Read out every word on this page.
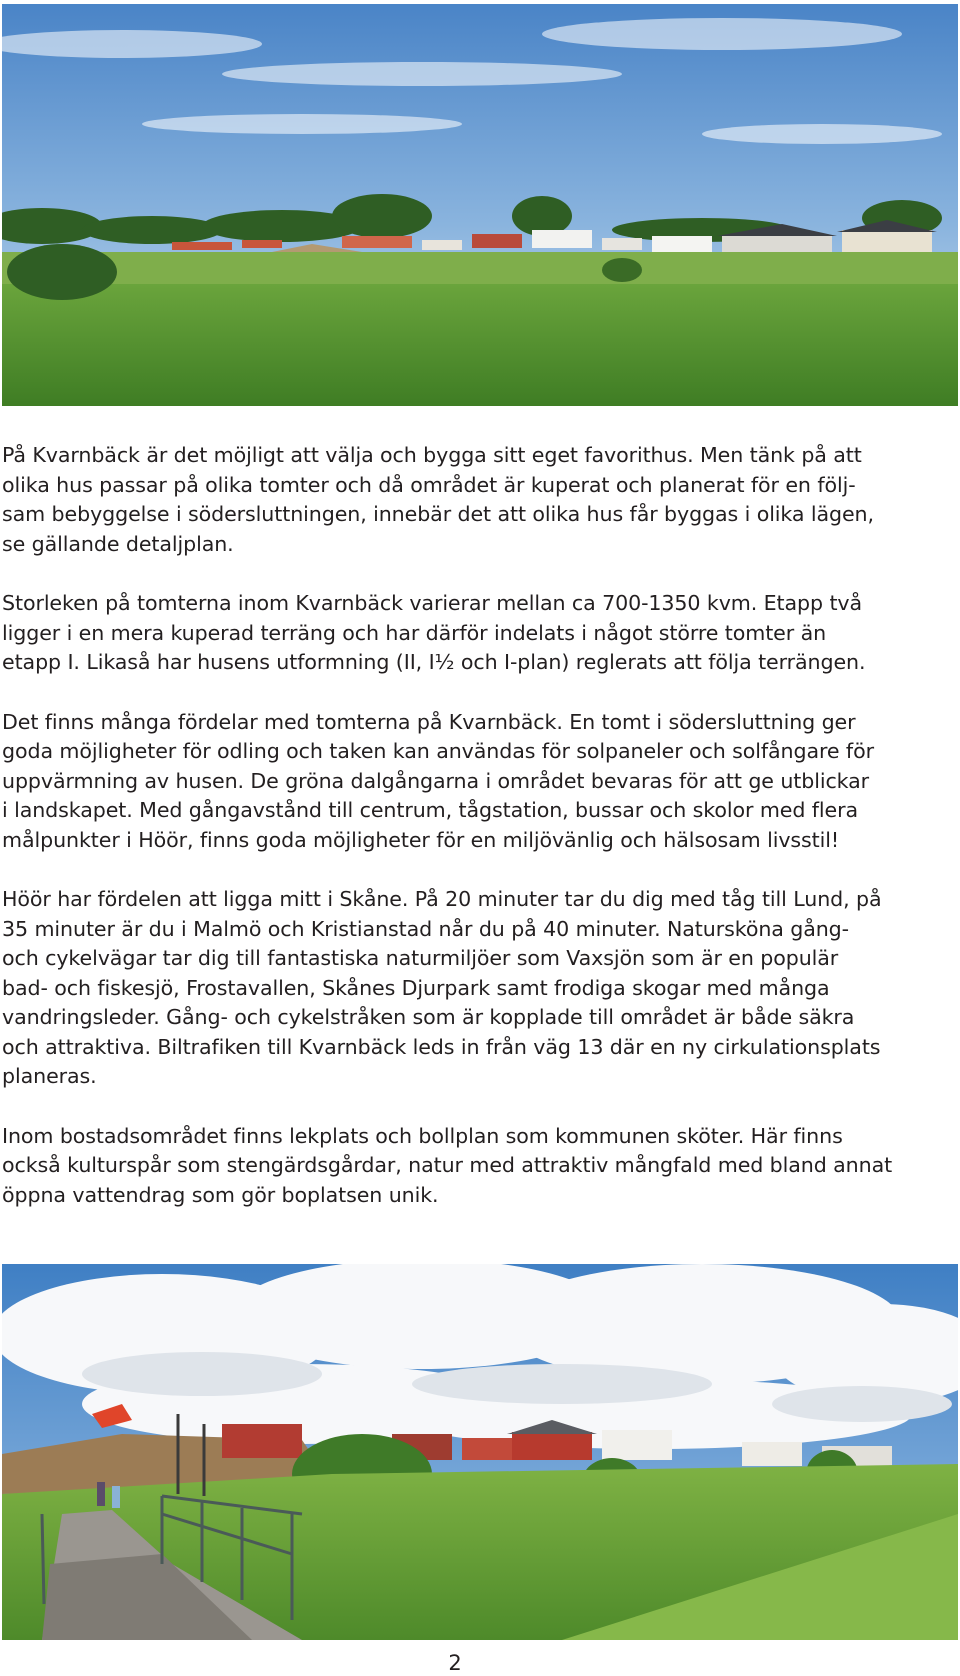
På Kvarnbäck är det möjligt att välja och bygga sitt eget favorithus. Men tänk på att
olika hus passar på olika tomter och då området är kuperat och planerat för en följ-
sam bebyggelse i södersluttningen, innebär det att olika hus får byggas i olika lägen,
se gällande detaljplan.

Storleken på tomterna inom Kvarnbäck varierar mellan ca 700-1350 kvm. Etapp två
ligger i en mera kuperad terräng och har därför indelats i något större tomter än
etapp I. Likaså har husens utformning (II, I½ och I-plan) reglerats att följa terrängen.

Det finns många fördelar med tomterna på Kvarnbäck. En tomt i södersluttning ger
goda möjligheter för odling och taken kan användas för solpaneler och solfångare för
uppvärmning av husen. De gröna dalgångarna i området bevaras för att ge utblickar
i landskapet. Med gångavstånd till centrum, tågstation, bussar och skolor med flera
målpunkter i Höör, finns goda möjligheter för en miljövänlig och hälsosam livsstil!

Höör har fördelen att ligga mitt i Skåne. På 20 minuter tar du dig med tåg till Lund, på
35 minuter är du i Malmö och Kristianstad når du på 40 minuter. Natursköna gång-
och cykelvägar tar dig till fantastiska naturmiljöer som Vaxsjön som är en populär
bad- och fiskesjö, Frostavallen, Skånes Djurpark samt frodiga skogar med många
vandringsleder. Gång- och cykelstråken som är kopplade till området är både säkra
och attraktiva. Biltrafiken till Kvarnbäck leds in från väg 13 där en ny cirkulationsplats
planeras.

Inom bostadsområdet finns lekplats och bollplan som kommunen sköter. Här finns
också kulturspår som stengärdsgårdar, natur med attraktiv mångfald med bland annat
öppna vattendrag som gör boplatsen unik.

2
